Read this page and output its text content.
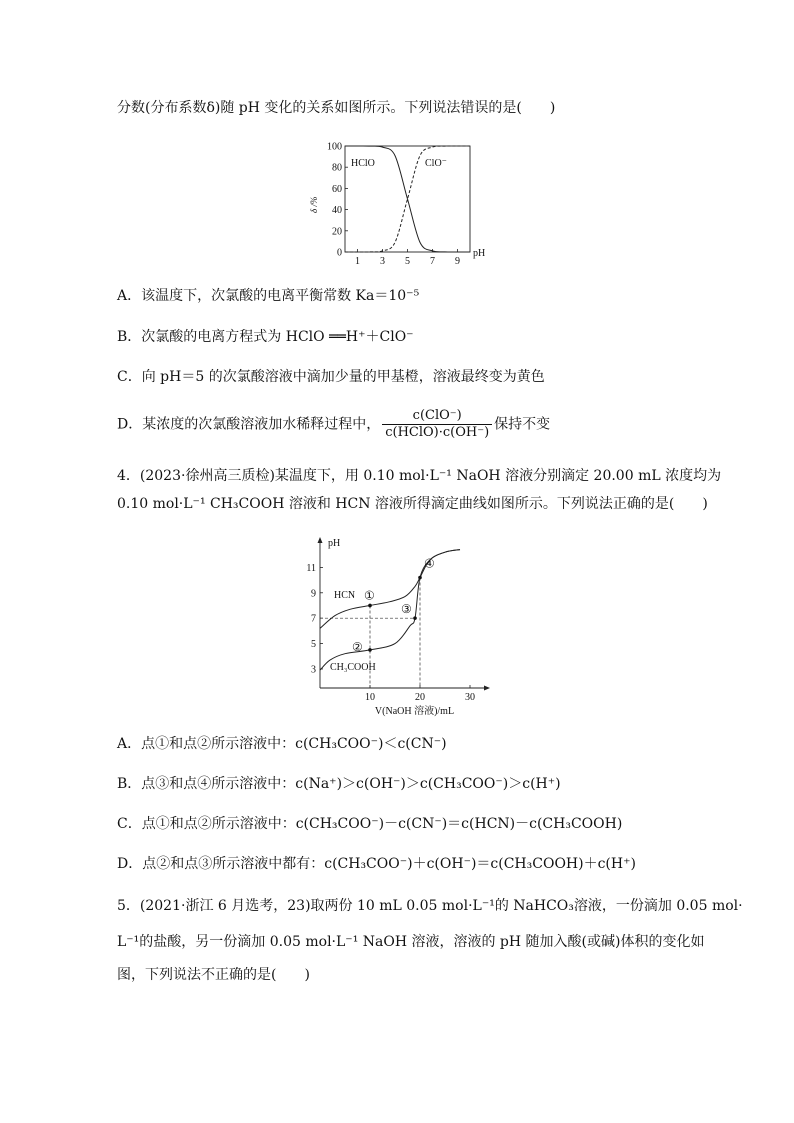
分数(分布系数δ)随 pH 变化的关系如图所示。下列说法错误的是(　　)
0
20
40
60
80
100
1 3 5 7 9
pH
δ /%
HClO	ClO⁻
A．该温度下，次氯酸的电离平衡常数 Ka＝10⁻⁵
B．次氯酸的电离方程式为 HClO ══H⁺＋ClO⁻
C．向 pH＝5 的次氯酸溶液中滴加少量的甲基橙，溶液最终变为黄色
D．某浓度的次氯酸溶液加水稀释过程中， $\frac{\text{c(ClO⁻)}}{\text{c(HClO)·c(OH⁻)}}$ 保持不变
4．(2023·徐州高三质检)某温度下，用 0.10 mol·L⁻¹ NaOH 溶液分别滴定 20.00 mL 浓度均为
0.10 mol·L⁻¹ CH₃COOH 溶液和 HCN 溶液所得滴定曲线如图所示。下列说法正确的是(　　)
pH
3
5
7
9
11
10	20	30
V(NaOH 溶液)/mL
HCN
CH₃COOH
①
②
③
④
A．点①和点②所示溶液中：c(CH₃COO⁻)＜c(CN⁻)
B．点③和点④所示溶液中：c(Na⁺)＞c(OH⁻)＞c(CH₃COO⁻)＞c(H⁺)
C．点①和点②所示溶液中：c(CH₃COO⁻)－c(CN⁻)＝c(HCN)－c(CH₃COOH)
D．点②和点③所示溶液中都有：c(CH₃COO⁻)＋c(OH⁻)＝c(CH₃COOH)＋c(H⁺)
5．(2021·浙江 6 月选考，23)取两份 10 mL 0.05 mol·L⁻¹的 NaHCO₃溶液，一份滴加 0.05 mol·
L⁻¹的盐酸，另一份滴加 0.05 mol·L⁻¹ NaOH 溶液，溶液的 pH 随加入酸(或碱)体积的变化如
图，下列说法不正确的是(　　)
